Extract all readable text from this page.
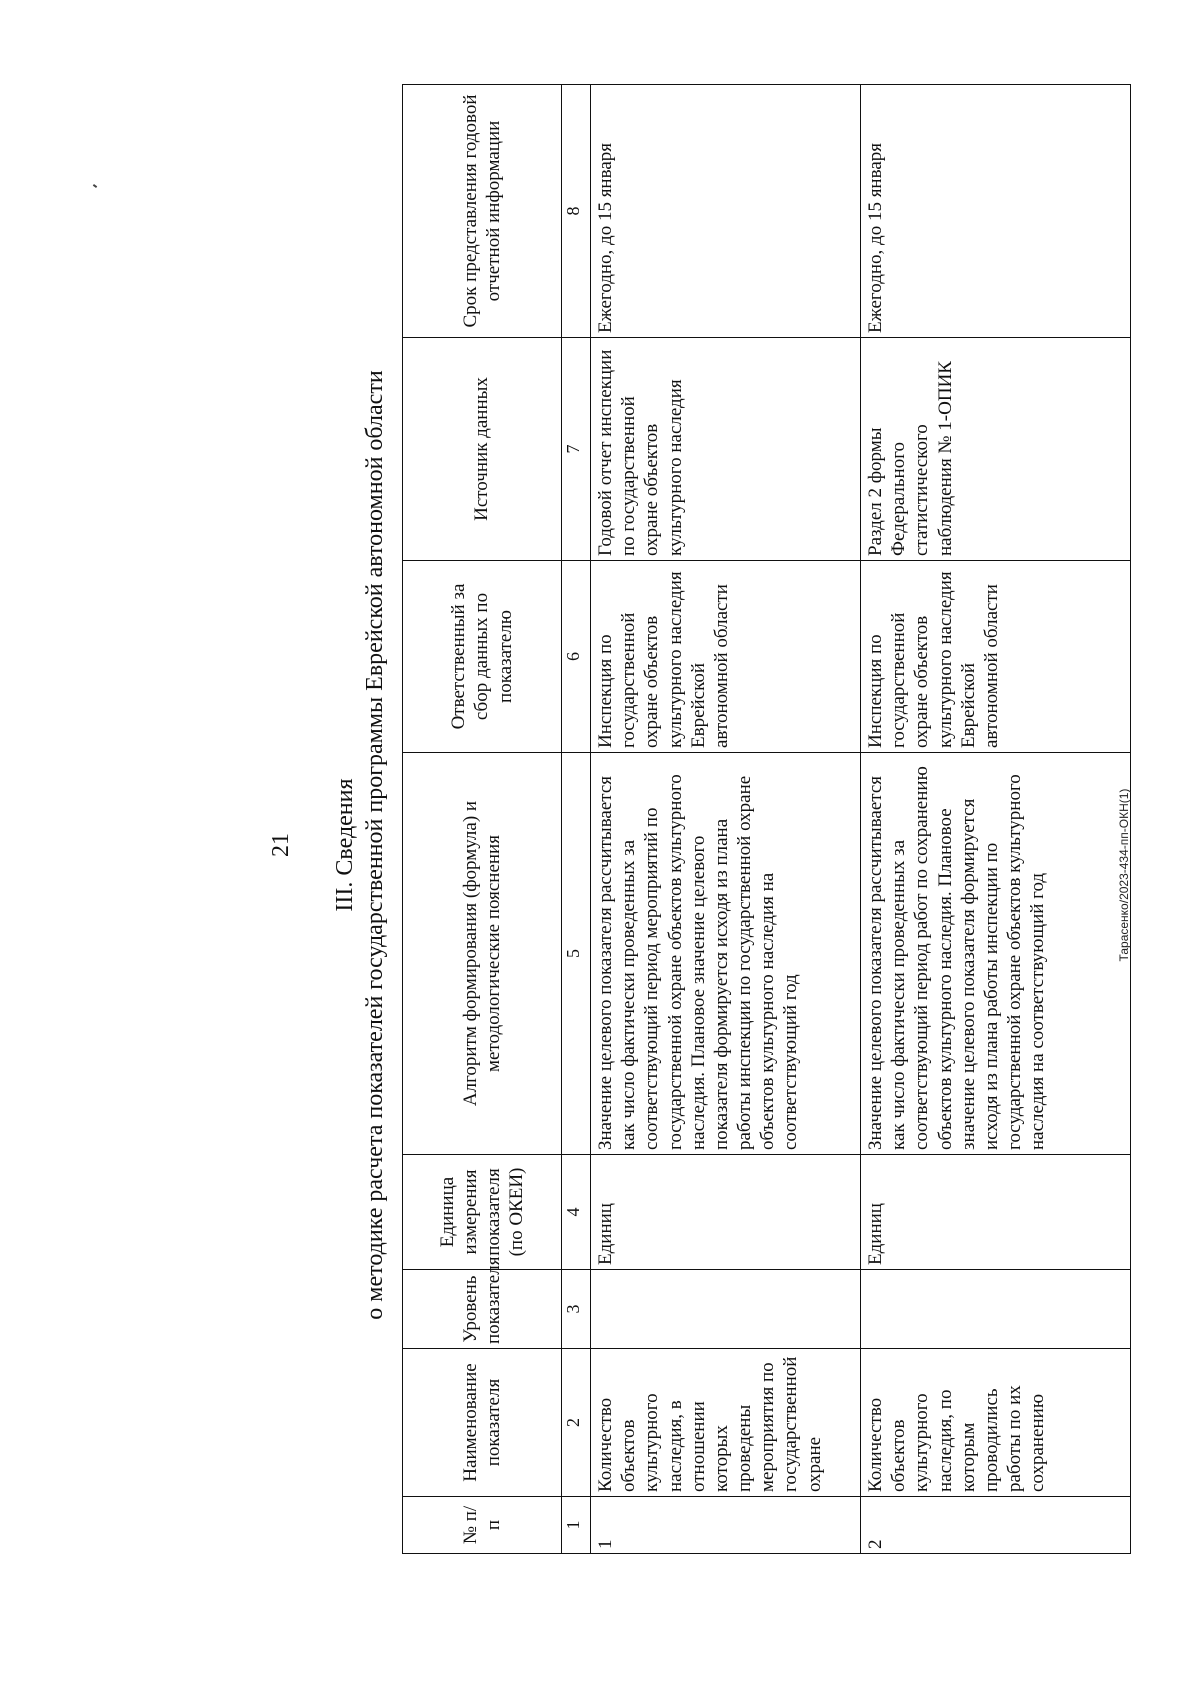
21 III. Сведения о методике расчета показателей государственной программы Еврейской автономной области
№ п/п	Наименование показателя	Уровень показателя	Единица измерения показателя (по ОКЕИ)	Алгоритм формирования (формула) и методологические пояснения	Ответственный за сбор данных по показателю	Источник данных	Срок представления годовой отчетной информации
1	2	3	4	5	6	7	8
1	Количество объектов культурного наследия, в отношении которых проведены мероприятия по государственной охране		Единиц	Значение целевого показателя рассчитывается как число фактически проведенных за соответствующий период мероприятий по государственной охране объектов культурного наследия. Плановое значение целевого показателя формируется исходя из плана работы инспекции по государственной охране объектов культурного наследия на соответствующий год	Инспекция по государственной охране объектов культурного наследия Еврейской автономной области	Годовой отчет инспекции по государственной охране объектов культурного наследия	Ежегодно, до 15 января
2	Количество объектов культурного наследия, по которым проводились работы по их сохранению		Единиц	Значение целевого показателя рассчитывается как число фактически проведенных за соответствующий период работ по сохранению объектов культурного наследия. Плановое значение целевого показателя формируется исходя из плана работы инспекции по государственной охране объектов культурного наследия на соответствующий год	Инспекция по государственной охране объектов культурного наследия Еврейской автономной области	Раздел 2 формы Федерального статистического наблюдения № 1-ОПИК	Ежегодно, до 15 января
Тарасенко/2023-434-пп-ОКН(1)
